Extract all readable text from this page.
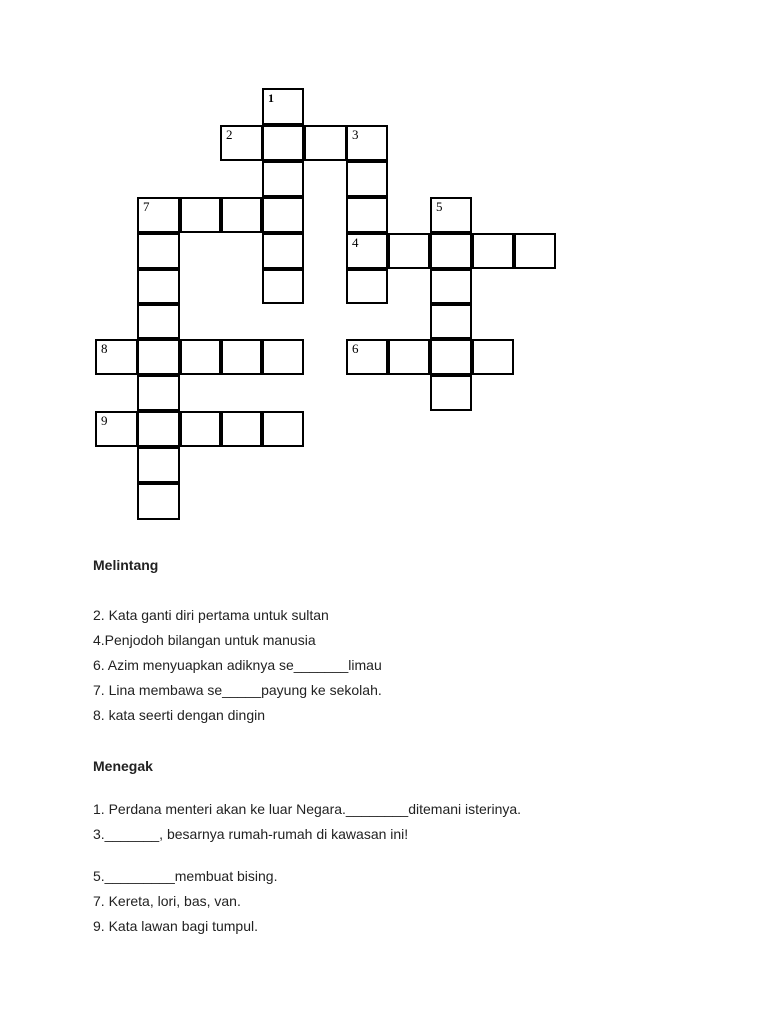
1
2	3
4
5
6
7
8
9
Melintang
2. Kata ganti diri pertama untuk sultan
4.Penjodoh bilangan untuk manusia
6. Azim menyuapkan adiknya se_______limau
7. Lina membawa se_____payung ke sekolah.
8. kata seerti dengan dingin
Menegak
1. Perdana menteri akan ke luar Negara.________ditemani isterinya.
3._______, besarnya rumah-rumah di kawasan ini!
5._________membuat bising.
7. Kereta, lori, bas, van.
9. Kata lawan bagi tumpul.
